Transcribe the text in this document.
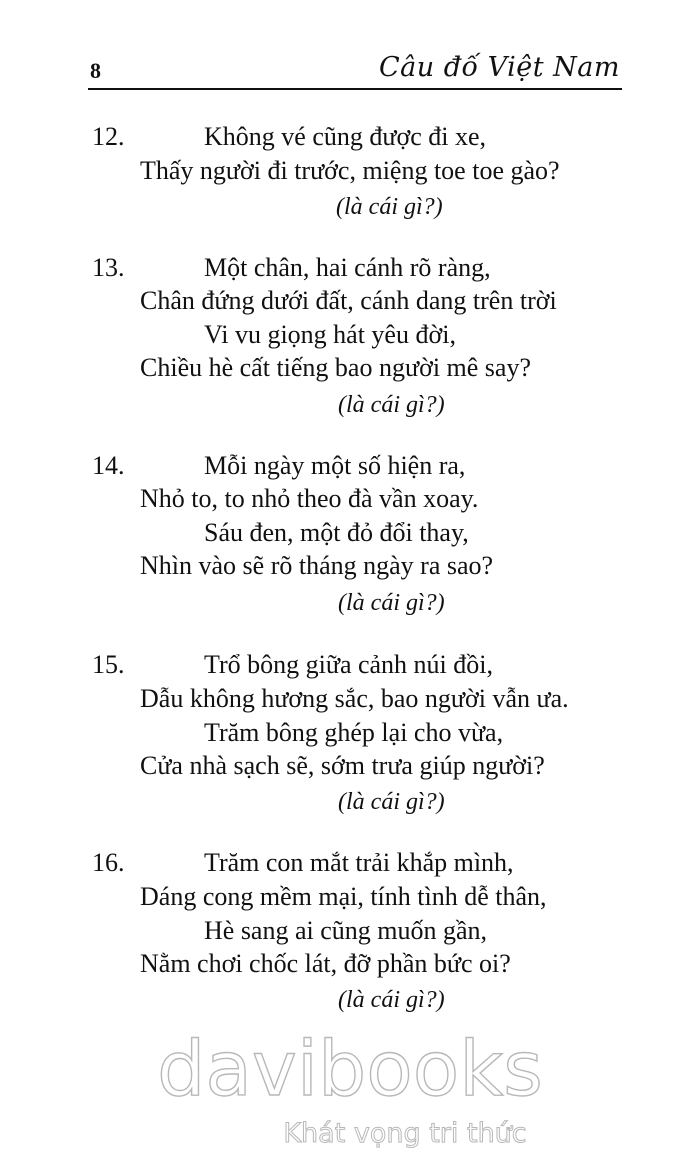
8	Câu đố Việt Nam
12.	Không vé cũng được đi xe,
Thấy người đi trước, miệng toe toe gào?
(là cái gì?)
13.	Một chân, hai cánh rõ ràng,
Chân đứng dưới đất, cánh dang trên trời
Vi vu giọng hát yêu đời,
Chiều hè cất tiếng bao người mê say?
(là cái gì?)
14.	Mỗi ngày một số hiện ra,
Nhỏ to, to nhỏ theo đà vần xoay.
Sáu đen, một đỏ đổi thay,
Nhìn vào sẽ rõ tháng ngày ra sao?
(là cái gì?)
15.	Trổ bông giữa cảnh núi đồi,
Dẫu không hương sắc, bao người vẫn ưa.
Trăm bông ghép lại cho vừa,
Cửa nhà sạch sẽ, sớm trưa giúp người?
(là cái gì?)
16.	Trăm con mắt trải khắp mình,
Dáng cong mềm mại, tính tình dễ thân,
Hè sang ai cũng muốn gần,
Nằm chơi chốc lát, đỡ phần bức oi?
(là cái gì?)
davibooks
Khát vọng tri thức
